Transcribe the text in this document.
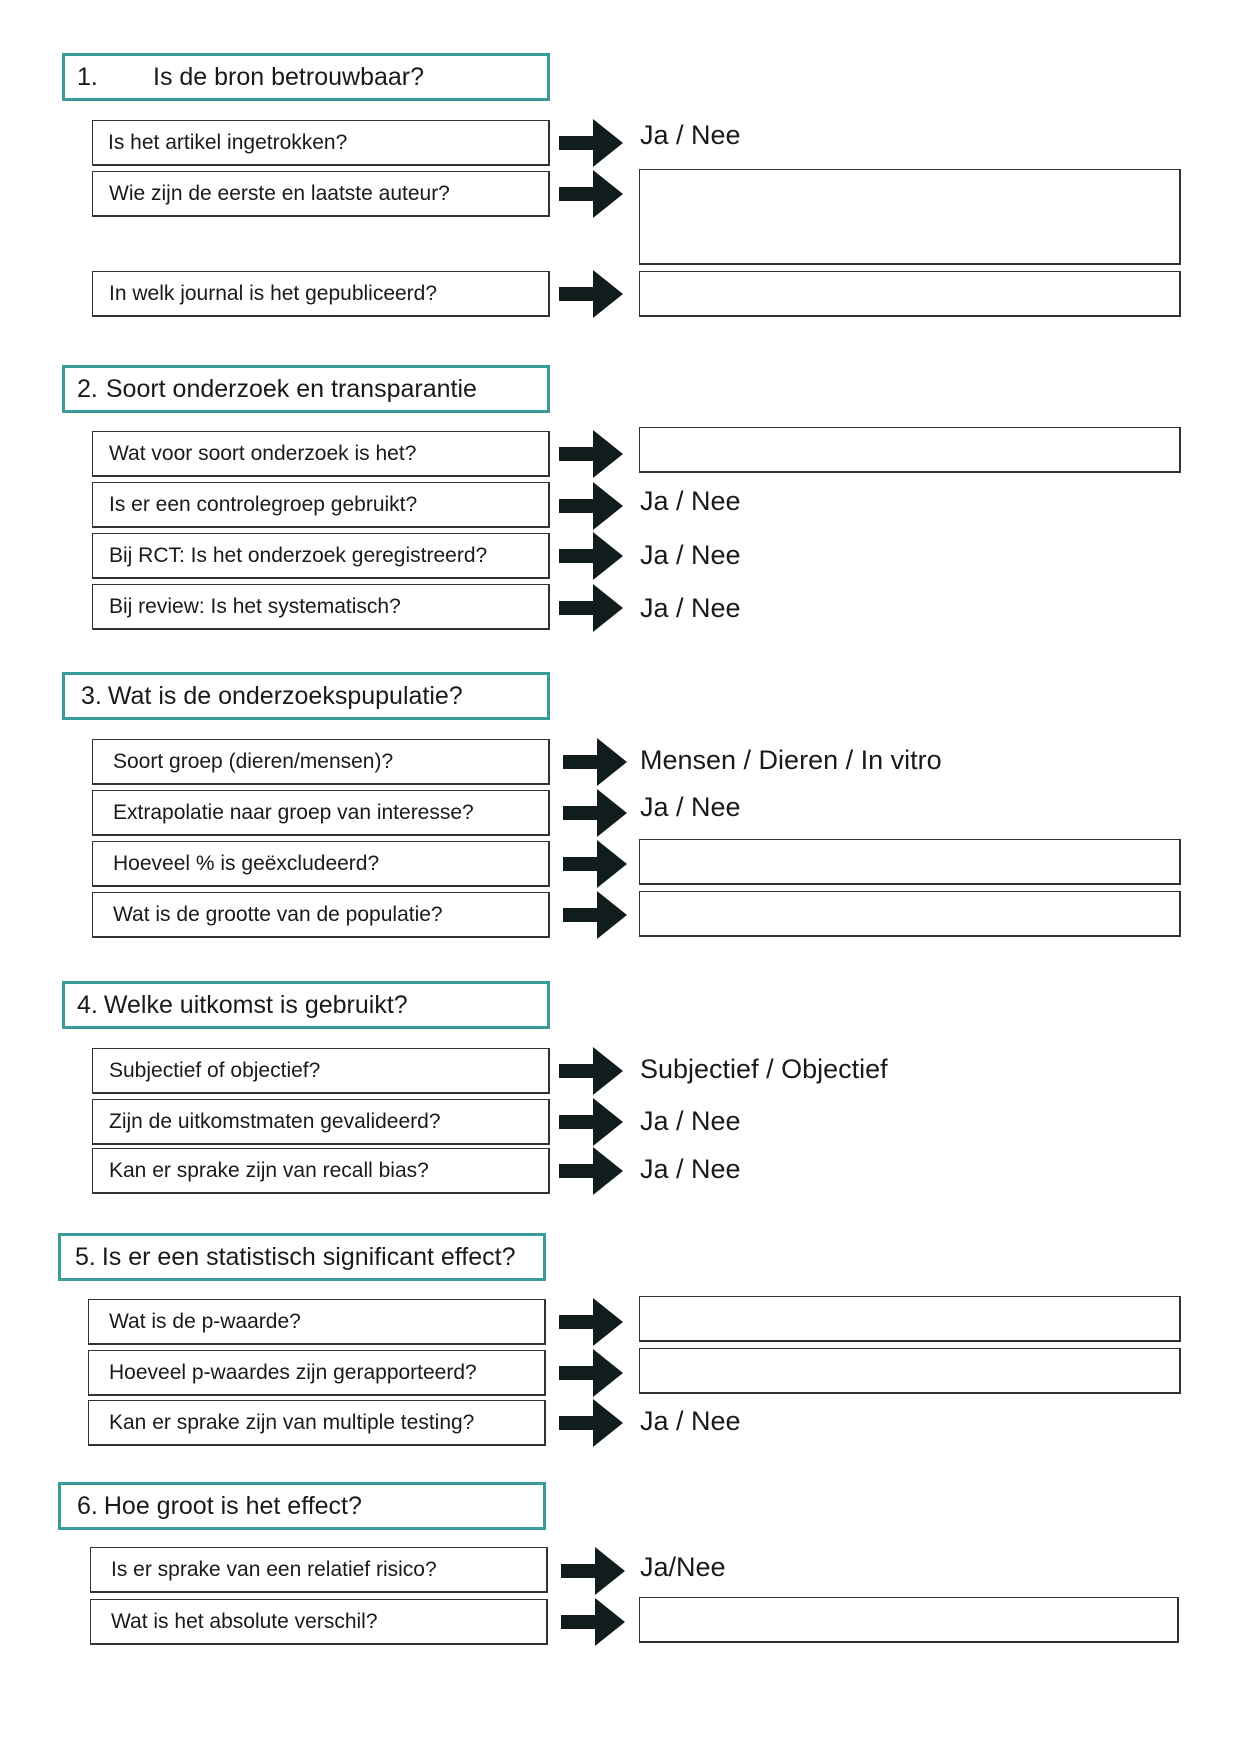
1.	Is de bron betrouwbaar?
Is het artikel ingetrokken?	Ja / Nee
Wie zijn de eerste en laatste auteur?
In welk journal is het gepubliceerd?
2. Soort onderzoek en transparantie
Wat voor soort onderzoek is het?
Is er een controlegroep gebruikt?	Ja / Nee
Bij RCT: Is het onderzoek geregistreerd?	Ja / Nee
Bij review: Is het systematisch?	Ja / Nee
3. Wat is de onderzoekspupulatie?
Soort groep (dieren/mensen)?	Mensen / Dieren / In vitro
Extrapolatie naar groep van interesse?	Ja / Nee
Hoeveel % is geëxcludeerd?
Wat is de grootte van de populatie?
4. Welke uitkomst is gebruikt?
Subjectief of objectief?	Subjectief / Objectief
Zijn de uitkomstmaten gevalideerd?	Ja / Nee
Kan er sprake zijn van recall bias?	Ja / Nee
5. Is er een statistisch significant effect?
Wat is de p-waarde?
Hoeveel p-waardes zijn gerapporteerd?
Kan er sprake zijn van multiple testing?	Ja / Nee
6. Hoe groot is het effect?
Is er sprake van een relatief risico?	Ja/Nee
Wat is het absolute verschil?
